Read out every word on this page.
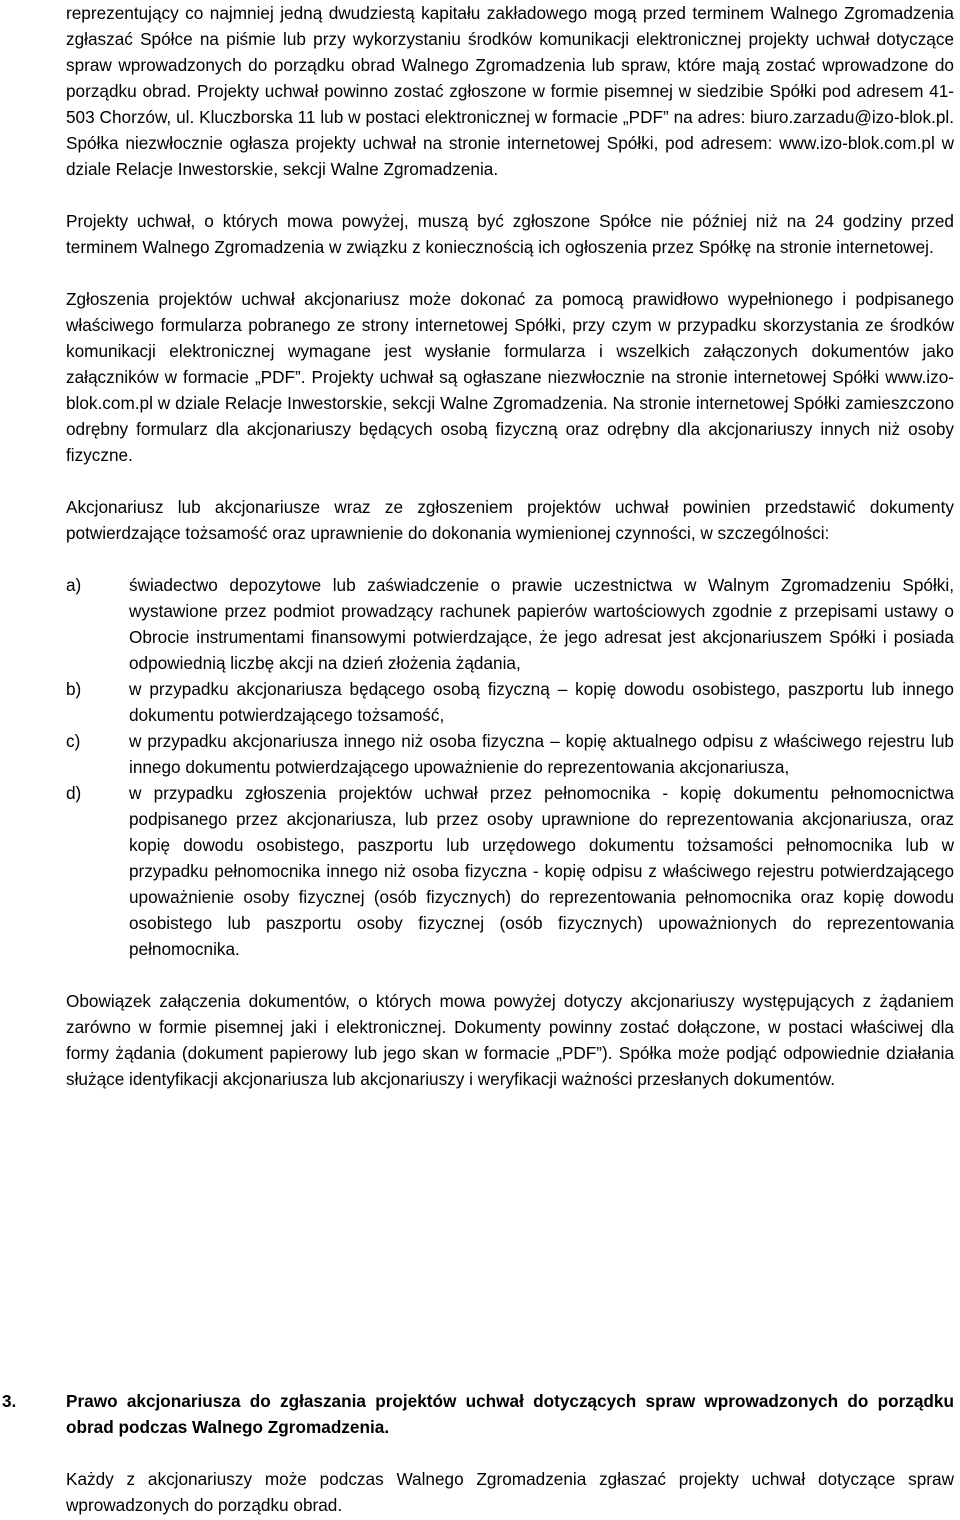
reprezentujący co najmniej jedną dwudziestą kapitału zakładowego mogą przed terminem Walnego Zgromadzenia zgłaszać Spółce na piśmie lub przy wykorzystaniu środków komunikacji elektronicznej projekty uchwał dotyczące spraw wprowadzonych do porządku obrad Walnego Zgromadzenia lub spraw, które mają zostać wprowadzone do porządku obrad. Projekty uchwał powinno zostać zgłoszone w formie pisemnej w siedzibie Spółki pod adresem 41-503 Chorzów, ul. Kluczborska 11 lub w postaci elektronicznej w formacie „PDF” na adres: biuro.zarzadu@izo-blok.pl. Spółka niezwłocznie ogłasza projekty uchwał na stronie internetowej Spółki, pod adresem: www.izo-blok.com.pl w dziale Relacje Inwestorskie, sekcji Walne Zgromadzenia.

Projekty uchwał, o których mowa powyżej, muszą być zgłoszone Spółce nie później niż na 24 godziny przed terminem Walnego Zgromadzenia w związku z koniecznością ich ogłoszenia przez Spółkę na stronie internetowej.

Zgłoszenia projektów uchwał akcjonariusz może dokonać za pomocą prawidłowo wypełnionego i podpisanego właściwego formularza pobranego ze strony internetowej Spółki, przy czym w przypadku skorzystania ze środków komunikacji elektronicznej wymagane jest wysłanie formularza i wszelkich załączonych dokumentów jako załączników w formacie „PDF”. Projekty uchwał są ogłaszane niezwłocznie na stronie internetowej Spółki www.izo- blok.com.pl w dziale Relacje Inwestorskie, sekcji Walne Zgromadzenia. Na stronie internetowej Spółki zamieszczono odrębny formularz dla akcjonariuszy będących osobą fizyczną oraz odrębny dla akcjonariuszy innych niż osoby fizyczne.

Akcjonariusz lub akcjonariusze wraz ze zgłoszeniem projektów uchwał powinien przedstawić dokumenty potwierdzające tożsamość oraz uprawnienie do dokonania wymienionej czynności, w szczególności:

a)	świadectwo depozytowe lub zaświadczenie o prawie uczestnictwa w Walnym Zgromadzeniu Spółki, wystawione przez podmiot prowadzący rachunek papierów wartościowych zgodnie z przepisami ustawy o Obrocie instrumentami finansowymi potwierdzające, że jego adresat jest akcjonariuszem Spółki i posiada odpowiednią liczbę akcji na dzień złożenia żądania,
b)	w przypadku akcjonariusza będącego osobą fizyczną – kopię dowodu osobistego, paszportu lub innego dokumentu potwierdzającego tożsamość,
c)	w przypadku akcjonariusza innego niż osoba fizyczna – kopię aktualnego odpisu z właściwego rejestru lub innego dokumentu potwierdzającego upoważnienie do reprezentowania akcjonariusza,
d)	w przypadku zgłoszenia projektów uchwał przez pełnomocnika - kopię dokumentu pełnomocnictwa podpisanego przez akcjonariusza, lub przez osoby uprawnione do reprezentowania akcjonariusza, oraz kopię dowodu osobistego, paszportu lub urzędowego dokumentu tożsamości pełnomocnika lub w przypadku pełnomocnika innego niż osoba fizyczna - kopię odpisu z właściwego rejestru potwierdzającego upoważnienie osoby fizycznej (osób fizycznych) do reprezentowania pełnomocnika oraz kopię dowodu osobistego lub paszportu osoby fizycznej (osób fizycznych) upoważnionych do reprezentowania pełnomocnika.

Obowiązek załączenia dokumentów, o których mowa powyżej dotyczy akcjonariuszy występujących z żądaniem zarówno w formie pisemnej jaki i elektronicznej. Dokumenty powinny zostać dołączone, w postaci właściwej dla formy żądania (dokument papierowy lub jego skan w formacie „PDF”). Spółka może podjąć odpowiednie działania służące identyfikacji akcjonariusza lub akcjonariuszy i weryfikacji ważności przesłanych dokumentów.

3.	Prawo akcjonariusza do zgłaszania projektów uchwał dotyczących spraw wprowadzonych do porządku obrad podczas Walnego Zgromadzenia.

Każdy z akcjonariuszy może podczas Walnego Zgromadzenia zgłaszać projekty uchwał dotyczące spraw wprowadzonych do porządku obrad.
